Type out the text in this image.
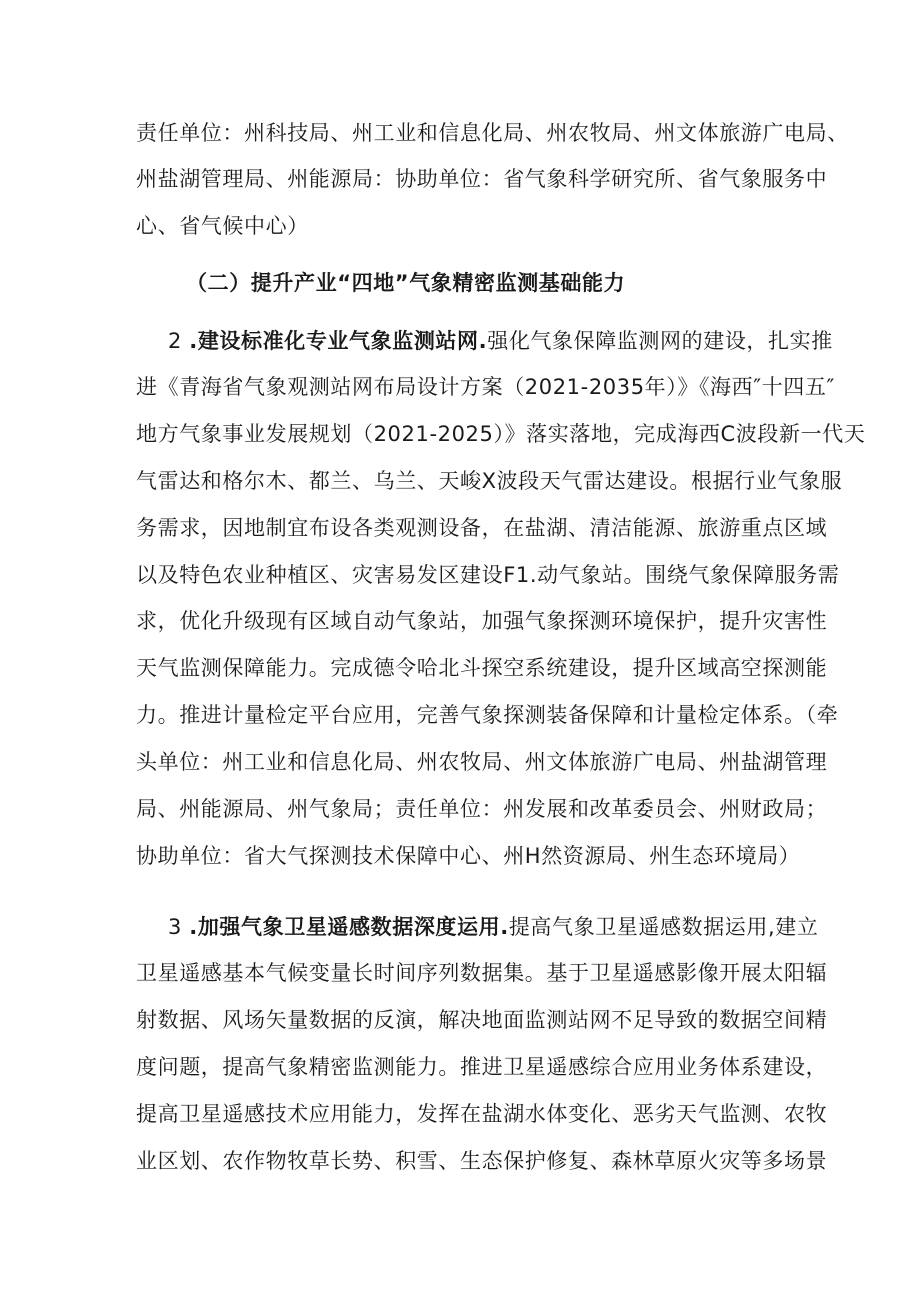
责任单位：州科技局、州工业和信息化局、州农牧局、州文体旅游广电局、
州盐湖管理局、州能源局：协助单位：省气象科学研究所、省气象服务中
心、省气候中心）
（二）提升产业“四地”气象精密监测基础能力
2 .建设标准化专业气象监测站网.强化气象保障监测网的建设，扎实推
进《青海省气象观测站网布局设计方案（2021-2035年）》《海西″十四五″
地方气象事业发展规划（2021-2025）》落实落地，完成海西C波段新一代天
气雷达和格尔木、都兰、乌兰、天峻X波段天气雷达建设。根据行业气象服
务需求，因地制宜布设各类观测设备，在盐湖、清洁能源、旅游重点区域
以及特色农业种植区、灾害易发区建设F1.动气象站。围绕气象保障服务需
求，优化升级现有区域自动气象站，加强气象探测环境保护，提升灾害性
天气监测保障能力。完成德令哈北斗探空系统建设，提升区域高空探测能
力。推进计量检定平台应用，完善气象探测装备保障和计量检定体系。（牵
头单位：州工业和信息化局、州农牧局、州文体旅游广电局、州盐湖管理
局、州能源局、州气象局；责任单位：州发展和改革委员会、州财政局；
协助单位：省大气探测技术保障中心、州H然资源局、州生态环境局）
3 .加强气象卫星遥感数据深度运用.提高气象卫星遥感数据运用,建立
卫星遥感基本气候变量长时间序列数据集。基于卫星遥感影像开展太阳辐
射数据、风场矢量数据的反演，解决地面监测站网不足导致的数据空间精
度问题，提高气象精密监测能力。推进卫星遥感综合应用业务体系建设，
提高卫星遥感技术应用能力，发挥在盐湖水体变化、恶劣天气监测、农牧
业区划、农作物牧草长势、积雪、生态保护修复、森林草原火灾等多场景
